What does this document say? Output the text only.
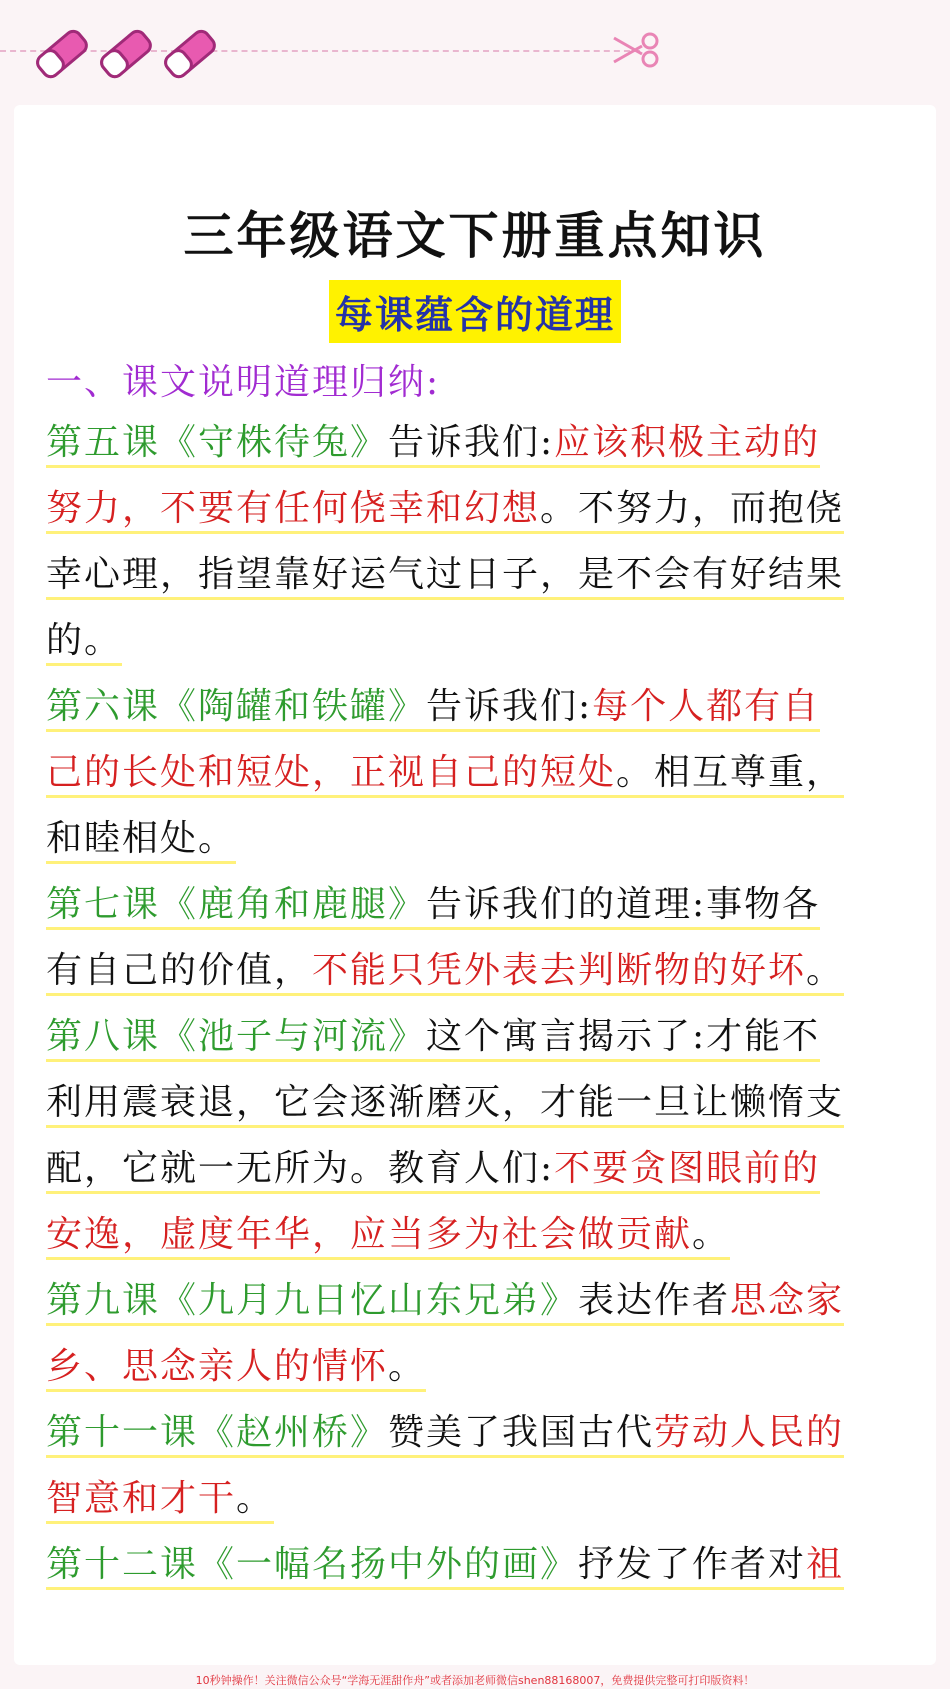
三年级语文下册重点知识
每课蕴含的道理
一、课文说明道理归纳:
第五课《守株待兔》告诉我们:应该积极主动的
努力，不要有任何侥幸和幻想。不努力，而抱侥
幸心理，指望靠好运气过日子，是不会有好结果
的。
第六课《陶罐和铁罐》告诉我们:每个人都有自
己的长处和短处，正视自己的短处。相互尊重，
和睦相处。
第七课《鹿角和鹿腿》告诉我们的道理:事物各
有自己的价值，不能只凭外表去判断物的好坏。
第八课《池子与河流》这个寓言揭示了:才能不
利用震衰退，它会逐渐磨灭，才能一旦让懒惰支
配，它就一无所为。教育人们:不要贪图眼前的
安逸，虚度年华，应当多为社会做贡献。
第九课《九月九日忆山东兄弟》表达作者思念家
乡、思念亲人的情怀。
第十一课《赵州桥》赞美了我国古代劳动人民的
智意和才干。
第十二课《一幅名扬中外的画》抒发了作者对祖
10秒钟操作！关注微信公众号“学海无涯甜作舟”或者添加老师微信shen88168007，免费提供完整可打印版资料！
